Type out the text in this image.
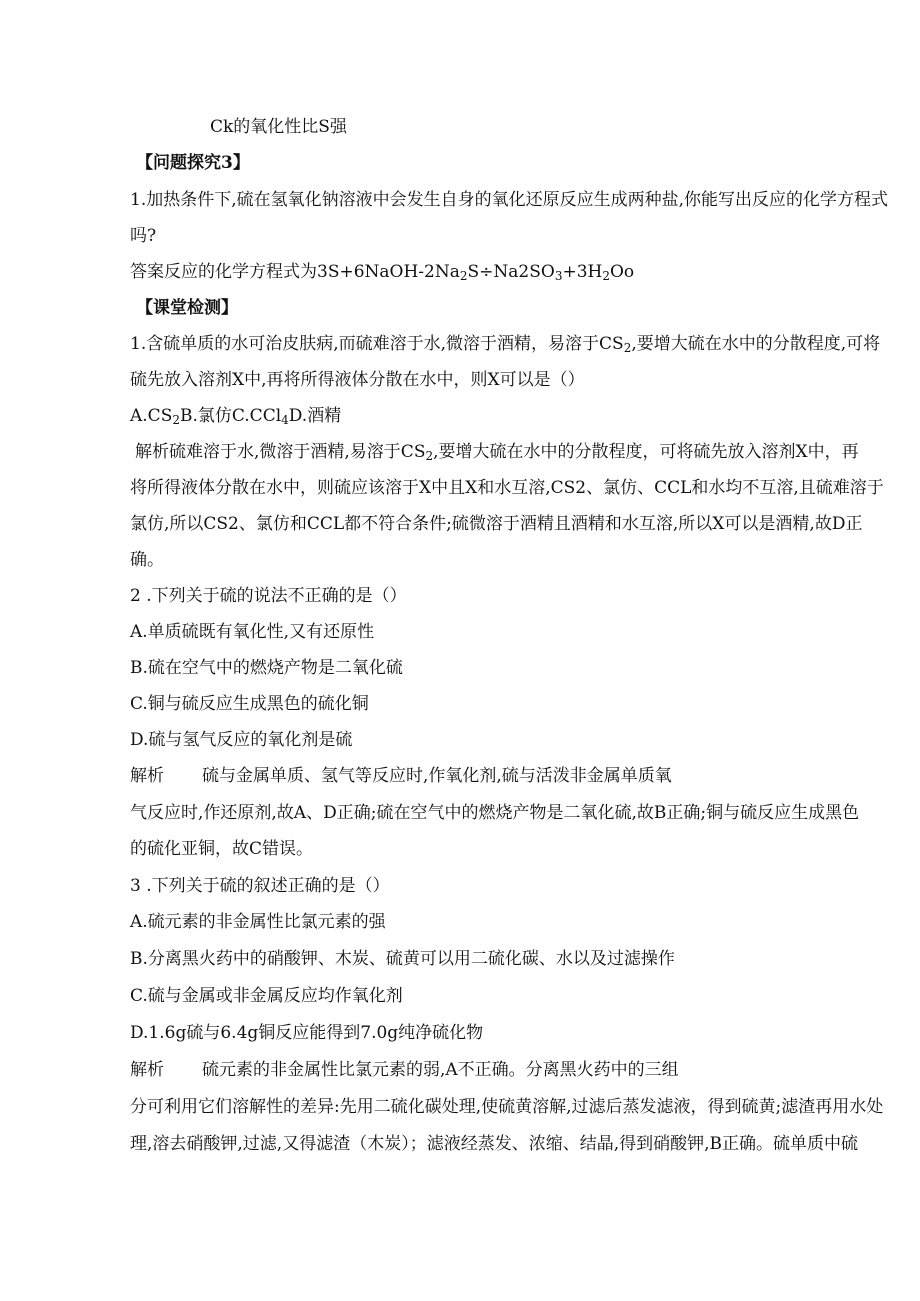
Ck的氧化性比S强
【问题探究3】
1.加热条件下,硫在氢氧化钠溶液中会发生自身的氧化还原反应生成两种盐,你能写出反应的化学方程式
吗?
答案反应的化学方程式为$3S+6NaOH-2Na_2S\div Na2SO_3+3H_2Oo$
【课堂检测】
1.含硫单质的水可治皮肤病,而硫难溶于水,微溶于酒精，易溶于$CS_2$,要增大硫在水中的分散程度,可将
硫先放入溶剂X中,再将所得液体分散在水中，则X可以是（）
$A.CS_2B$.氯仿C.CCl$_4$D.酒精
解析硫难溶于水,微溶于酒精,易溶于$CS_2$,要增大硫在水中的分散程度，可将硫先放入溶剂X中，再
将所得液体分散在水中，则硫应该溶于X中且X和水互溶,CS2、氯仿、CCL和水均不互溶,且硫难溶于
氯仿,所以CS2、氯仿和CCL都不符合条件;硫微溶于酒精且酒精和水互溶,所以X可以是酒精,故D正
确。
2 .下列关于硫的说法不正确的是（）
A.单质硫既有氧化性,又有还原性
B.硫在空气中的燃烧产物是二氧化硫
C.铜与硫反应生成黑色的硫化铜
D.硫与氢气反应的氧化剂是硫
解析 硫与金属单质、氢气等反应时,作氧化剂,硫与活泼非金属单质氧
气反应时,作还原剂,故A、D正确;硫在空气中的燃烧产物是二氧化硫,故B正确;铜与硫反应生成黑色
的硫化亚铜，故C错误。
3 .下列关于硫的叙述正确的是（）
A.硫元素的非金属性比氯元素的强
B.分离黑火药中的硝酸钾、木炭、硫黄可以用二硫化碳、水以及过滤操作
C.硫与金属或非金属反应均作氧化剂
D.1.6g硫与6.4g铜反应能得到7.0g纯净硫化物
解析 硫元素的非金属性比氯元素的弱,A不正确。分离黑火药中的三组
分可利用它们溶解性的差异:先用二硫化碳处理,使硫黄溶解,过滤后蒸发滤液，得到硫黄;滤渣再用水处
理,溶去硝酸钾,过滤,又得滤渣（木炭）；滤液经蒸发、浓缩、结晶,得到硝酸钾,B正确。硫单质中硫
